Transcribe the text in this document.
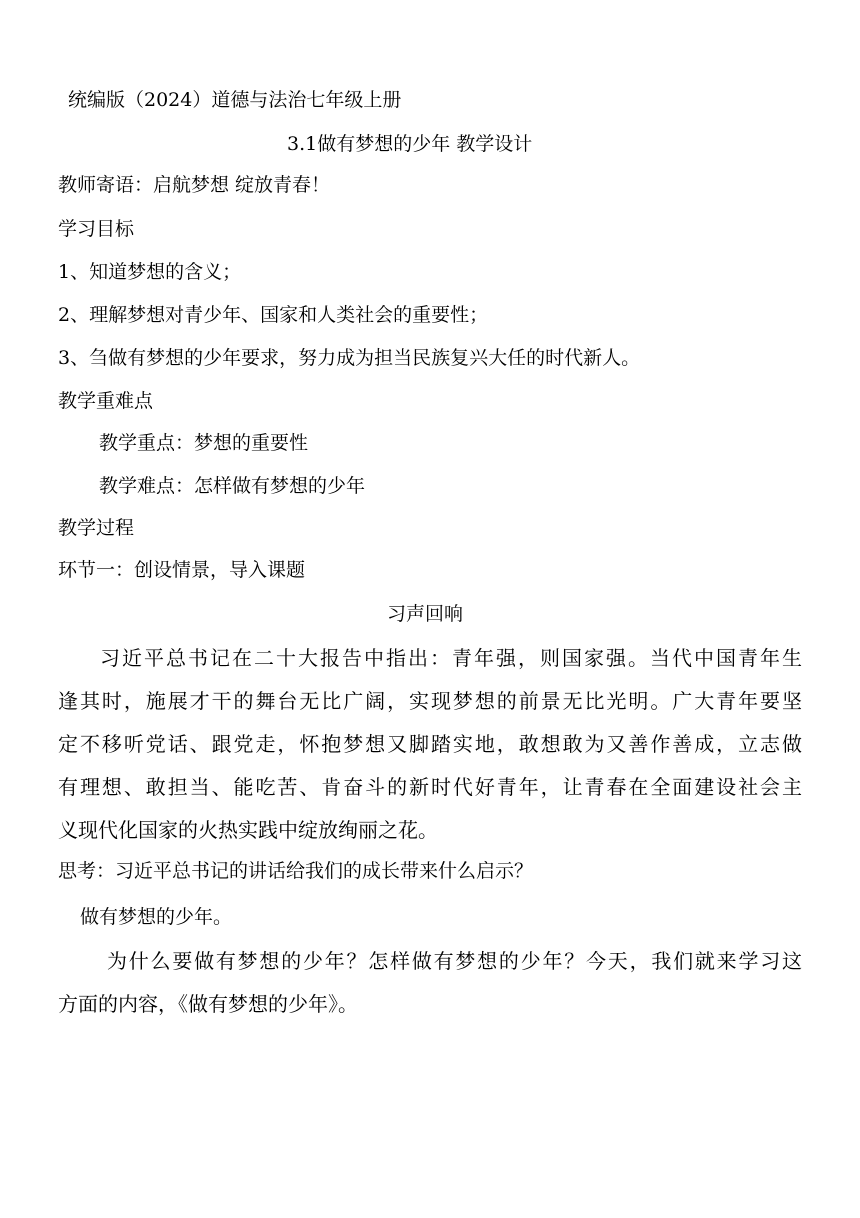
统编版（2024）道德与法治七年级上册
3.1做有梦想的少年 教学设计
教师寄语：启航梦想 绽放青春！
学习目标
1、知道梦想的含义；
2、理解梦想对青少年、国家和人类社会的重要性；
3、刍做有梦想的少年要求，努力成为担当民族复兴大任的时代新人。
教学重难点
教学重点：梦想的重要性
教学难点：怎样做有梦想的少年
教学过程
环节一：创设情景，导入课题
习声回响
习近平总书记在二十大报告中指出：青年强，则国家强。当代中国青年生
逢其时，施展才干的舞台无比广阔，实现梦想的前景无比光明。广大青年要坚
定不移听党话、跟党走，怀抱梦想又脚踏实地，敢想敢为又善作善成，立志做
有理想、敢担当、能吃苦、肯奋斗的新时代好青年，让青春在全面建设社会主
义现代化国家的火热实践中绽放绚丽之花。
思考：习近平总书记的讲话给我们的成长带来什么启示？
做有梦想的少年。
为什么要做有梦想的少年？怎样做有梦想的少年？今天，我们就来学习这
方面的内容，《做有梦想的少年》。
